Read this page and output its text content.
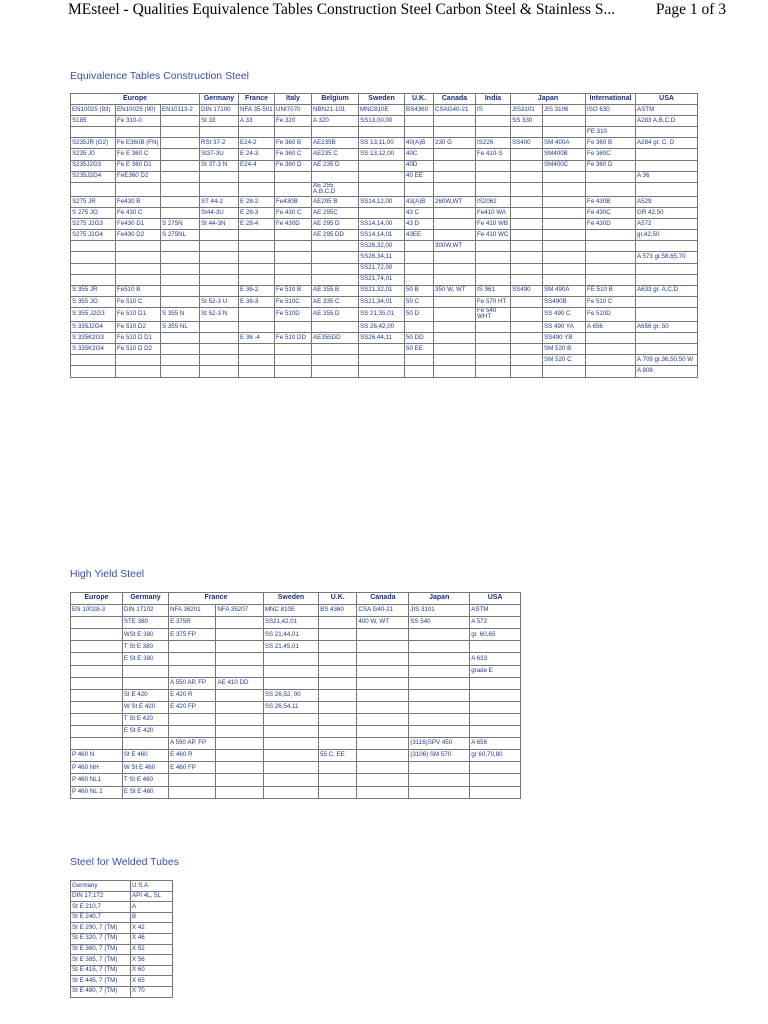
MEsteel - Qualities Equivalence Tables Construction Steel Carbon Steel & Stainless S...	Page 1 of 3
Equivalence Tables Construction Steel
Europe			Germany	France	Italy	Belgium	Sweden	U.K.	Canada	India	Japan		International	USA
EN10025 (93)	EN10025 (90)	EN10113-2	DIN 17100	NFA 35-501	UNI7070	NBN21-101	MNC810E	BS4360	CSAG40-21	IS	JIS3101	JIS 3106	ISO 630	ASTM
S185	Fe 310-0		St 33	A 33	Fe 320	A 320	SS13,00,00				SS 330			A283 A,B,C,D
													FE 310	
S235JR (G2)	Fe E360B (FN)		RSt 37-2	E24-2	Fe 360 B	AE235B	SS 13,11,00	40(A)B	230 G	IS226	SS400	SM 400A	Fe 360 B	A284 gr. C, D
S235 J0	Fe E 360 C		St37-3U	E 24-3	Fe 360 C	AE235 C	SS 13,12,00	40C		Fe 410-S		SM400B	Fe 360C	
S235J2G3	Fe E 360 D1		St 37-3 N	E24-4	Fe 360 D	AE 235 D		40D				SM400C	Fe 360 D	
S235J2G4	FeE360 D2							40 EE						A 36
						AE 255 A,B,C,D								
S275 JR	Fe430 B		ST 44-2	E 28-2	Fe430B	AE295 B	SS14,12,00	43(A)B	260W,WT	IS2062			Fe 430B	A529
S 275 JO	Fe 430 C		St44-3U	E 28-3	Fe 430 C	AE 295C		43 C		Fe410 WA			Fe 430C	GR 42.50
S275 J2G3	Fe430 D1	S 275N	St 44-3N	E 28-4	Fe 430D	AE 295 D	SS14,14,00	43 D		Fe 410 WB			Fe 430D	A572
S275 J2G4	Fe430 D2	S 275NL				AE 295 DD	SS14,14,01	43EE		Fe 410 WC				gr.42,50
							SS26,32,00		300W,WT					
							SS26,34,11							A 573 gr.58,65,70
							SS21,72,00							
							SS21,74,01							
S 355 JR	Fe510 B			E 36-2	Fe 510 B	AE 355 B	SS21,32,01	50 B	350 W, WT	IS 961	SS490	SM 490A	FE 510 B	A633 gr. A,C,D
S 355 JO	Fe 510 C		St 52-3 U	E 36-3	Fe 510C	AE 335 C	SS21,34,01	50 C		Fe 570 HT		SS490B	Fe 510 C	
S 355 J2G3	Fe 510 D1	S 355 N	St 52-3 N		Fe 510D	AE 355 D	SS 21,35,01	50 D		Fe 540 WHT		SS 490 C	Fe 510D	
S 335J2G4	Fe 510 D2	S 355 NL					SS 26,42,00					SS 490 YA	A 656	A656 gr. 50
S 335K2G3	Fe 510 D D1			E 36 -4	Fe 510 DD	AE355DD	SS26,44,11	50 DD				SS490 YB		
S 335K2G4	Fe 510 D D2							50 EE				SM 520 B		
												SM 520 C		A 709 gr.36,50,50 W
														A 808
High Yield Steel
Europe	Germany	France		Sweden	U.K.	Canada	Japan	USA
EN 10028-3	DIN 17102	NFA 36201	NFA 35207	MNC 810E	BS 4360	CSA G40-21	JIS 3101	ASTM
	STE 380	E 375R		SS21,42,01		400 W, WT	SS 540	A 572
	WSt E 380	E 375 FP		SS 21,44,01				gr. 60,65
	T St E 380			SS 21,45,01				
	E St E 380							A 633
								grade E
		A 550 AP, FP	AE 410 DD					
	St E 420	E 420 R		SS 26,52, 00				
	W St E 420	E 420 FP		SS 26,54,11				
	T St E 420							
	E St E 420							
		A 590 AP, FP					(3116)SPV 450	A 656
P 460 N	St E 460	E 460 R			55 C, EE		(3106) SM 570	gr 60,70,80
P 460 NH	W St E 460	E 460 FP						
P 460 NL1	T St E 460							
P 460 NL 2	E St E 460							
Steel for Welded Tubes
Germany	U.S.A
DIN 17,172	API 4L, 5L
St E 210,7	A
St E 240,7	B
St E 290, 7 (TM)	X 42
St E 320, 7 (TM)	X 46
St E 360, 7 (TM)	X 52
St E 385, 7 (TM)	X 56
St E 415, 7 (TM)	X 60
St E 445, 7 (TM)	X 65
St E 480, 7 (TM)	X 70
